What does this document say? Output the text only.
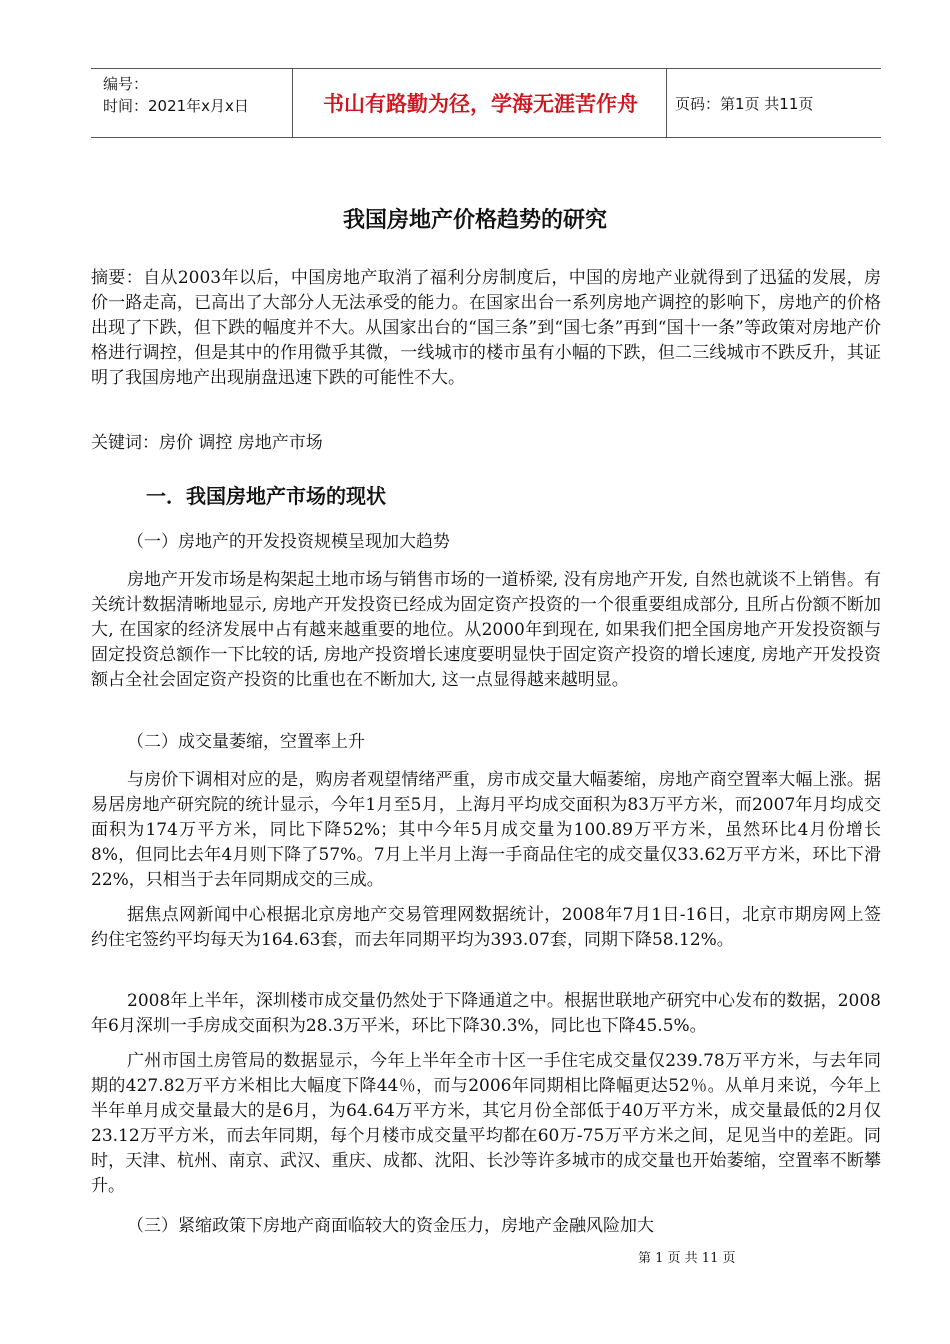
编号：
时间：2021年x月x日	书山有路勤为径，学海无涯苦作舟	页码：第1页 共11页
我国房地产价格趋势的研究

摘要：自从2003年以后，中国房地产取消了福利分房制度后，中国的房地产业就得到了迅猛的发展，房价一路走高，已高出了大部分人无法承受的能力。在国家出台一系列房地产调控的影响下，房地产的价格出现了下跌，但下跌的幅度并不大。从国家出台的“国三条”到“国七条”再到“国十一条”等政策对房地产价格进行调控，但是其中的作用微乎其微，一线城市的楼市虽有小幅的下跌，但二三线城市不跌反升，其证明了我国房地产出现崩盘迅速下跌的可能性不大。

关键词：房价 调控 房地产市场

一．我国房地产市场的现状

（一）房地产的开发投资规模呈现加大趋势

房地产开发市场是构架起土地市场与销售市场的一道桥梁, 没有房地产开发, 自然也就谈不上销售。有关统计数据清晰地显示, 房地产开发投资已经成为固定资产投资的一个很重要组成部分, 且所占份额不断加大, 在国家的经济发展中占有越来越重要的地位。从2000年到现在, 如果我们把全国房地产开发投资额与固定投资总额作一下比较的话, 房地产投资增长速度要明显快于固定资产投资的增长速度, 房地产开发投资额占全社会固定资产投资的比重也在不断加大, 这一点显得越来越明显。

（二）成交量萎缩，空置率上升

与房价下调相对应的是，购房者观望情绪严重，房市成交量大幅萎缩，房地产商空置率大幅上涨。据易居房地产研究院的统计显示，今年1月至5月，上海月平均成交面积为83万平方米，而2007年月均成交面积为174万平方米，同比下降52%；其中今年5月成交量为100.89万平方米，虽然环比4月份增长8%，但同比去年4月则下降了57%。7月上半月上海一手商品住宅的成交量仅33.62万平方米，环比下滑22%，只相当于去年同期成交的三成。

据焦点网新闻中心根据北京房地产交易管理网数据统计，2008年7月1日-16日，北京市期房网上签约住宅签约平均每天为164.63套，而去年同期平均为393.07套，同期下降58.12%。

2008年上半年，深圳楼市成交量仍然处于下降通道之中。根据世联地产研究中心发布的数据，2008年6月深圳一手房成交面积为28.3万平米，环比下降30.3%，同比也下降45.5%。

广州市国土房管局的数据显示，今年上半年全市十区一手住宅成交量仅239.78万平方米，与去年同期的427.82万平方米相比大幅度下降44％，而与2006年同期相比降幅更达52％。从单月来说，今年上半年单月成交量最大的是6月，为64.64万平方米，其它月份全部低于40万平方米，成交量最低的2月仅23.12万平方米，而去年同期，每个月楼市成交量平均都在60万-75万平方米之间，足见当中的差距。同时，天津、杭州、南京、武汉、重庆、成都、沈阳、长沙等许多城市的成交量也开始萎缩，空置率不断攀升。

（三）紧缩政策下房地产商面临较大的资金压力，房地产金融风险加大

第 1 页 共 11 页
